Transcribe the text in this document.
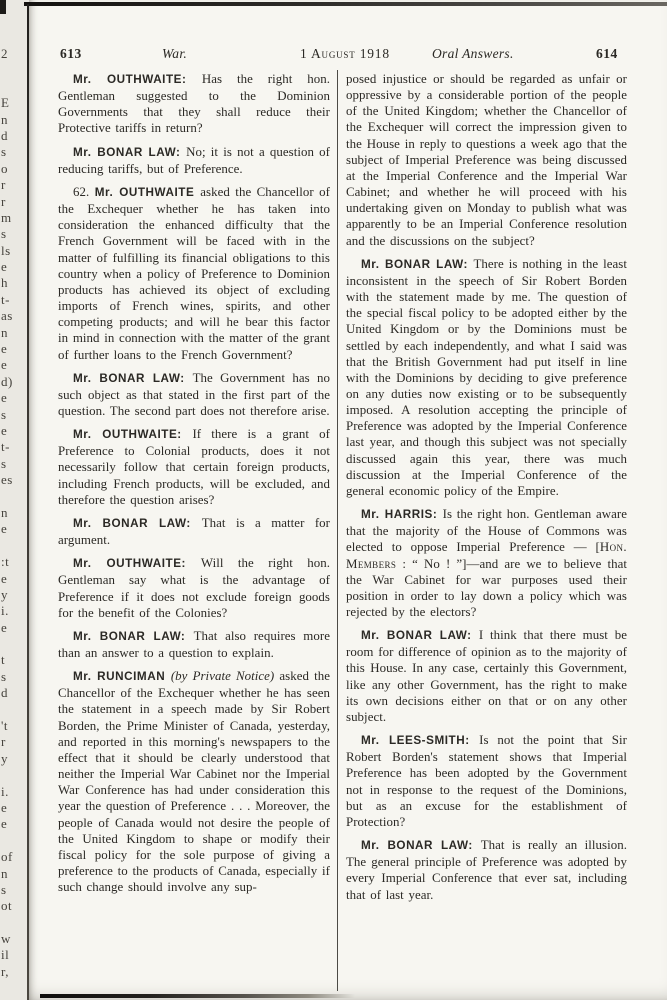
2
E
n
d
s
o
r
r
m
s
ls
e
h
t-
as
n
e
e
d)
e
s
e
t-
s
es
n
e
:t
e
y
i.
e
t
s
d
't
r
y
i.
e
e
of
n
s
ot
w
il
r,
613	War.	1 August 1918	Oral Answers.	614

Mr. OUTHWAITE: Has the right hon. Gentleman suggested to the Dominion Governments that they shall reduce their Protective tariffs in return?

Mr. BONAR LAW: No; it is not a question of reducing tariffs, but of Preference.

62. Mr. OUTHWAITE asked the Chancellor of the Exchequer whether he has taken into consideration the enhanced difficulty that the French Government will be faced with in the matter of fulfilling its financial obligations to this country when a policy of Preference to Dominion products has achieved its object of excluding imports of French wines, spirits, and other competing products; and will he bear this factor in mind in connection with the matter of the grant of further loans to the French Government?

Mr. BONAR LAW: The Government has no such object as that stated in the first part of the question. The second part does not therefore arise.

Mr. OUTHWAITE: If there is a grant of Preference to Colonial products, does it not necessarily follow that certain foreign products, including French products, will be excluded, and therefore the question arises?

Mr. BONAR LAW: That is a matter for argument.

Mr. OUTHWAITE: Will the right hon. Gentleman say what is the advantage of Preference if it does not exclude foreign goods for the benefit of the Colonies?

Mr. BONAR LAW: That also requires more than an answer to a question to explain.

Mr. RUNCIMAN (by Private Notice) asked the Chancellor of the Exchequer whether he has seen the statement in a speech made by Sir Robert Borden, the Prime Minister of Canada, yesterday, and reported in this morning's newspapers to the effect that it should be clearly understood that neither the Imperial War Cabinet nor the Imperial War Conference has had under consideration this year the question of Preference . . . Moreover, the people of Canada would not desire the people of the United Kingdom to shape or modify their fiscal policy for the sole purpose of giving a preference to the products of Canada, especially if such change should involve any sup-

posed injustice or should be regarded as unfair or oppressive by a considerable portion of the people of the United Kingdom; whether the Chancellor of the Exchequer will correct the impression given to the House in reply to questions a week ago that the subject of Imperial Preference was being discussed at the Imperial Conference and the Imperial War Cabinet; and whether he will proceed with his undertaking given on Monday to publish what was apparently to be an Imperial Conference resolution and the discussions on the subject?

Mr. BONAR LAW: There is nothing in the least inconsistent in the speech of Sir Robert Borden with the statement made by me. The question of the special fiscal policy to be adopted either by the United Kingdom or by the Dominions must be settled by each independently, and what I said was that the British Government had put itself in line with the Dominions by deciding to give preference on any duties now existing or to be subsequently imposed. A resolution accepting the principle of Preference was adopted by the Imperial Conference last year, and though this subject was not specially discussed again this year, there was much discussion at the Imperial Conference of the general economic policy of the Empire.

Mr. HARRIS: Is the right hon. Gentleman aware that the majority of the House of Commons was elected to oppose Imperial Preference — [Hon. Members : “ No ! ”]—and are we to believe that the War Cabinet for war purposes used their position in order to lay down a policy which was rejected by the electors?

Mr. BONAR LAW: I think that there must be room for difference of opinion as to the majority of this House. In any case, certainly this Government, like any other Government, has the right to make its own decisions either on that or on any other subject.

Mr. LEES-SMITH: Is not the point that Sir Robert Borden's statement shows that Imperial Preference has been adopted by the Government not in response to the request of the Dominions, but as an excuse for the establishment of Protection?

Mr. BONAR LAW: That is really an illusion. The general principle of Preference was adopted by every Imperial Conference that ever sat, including that of last year.
